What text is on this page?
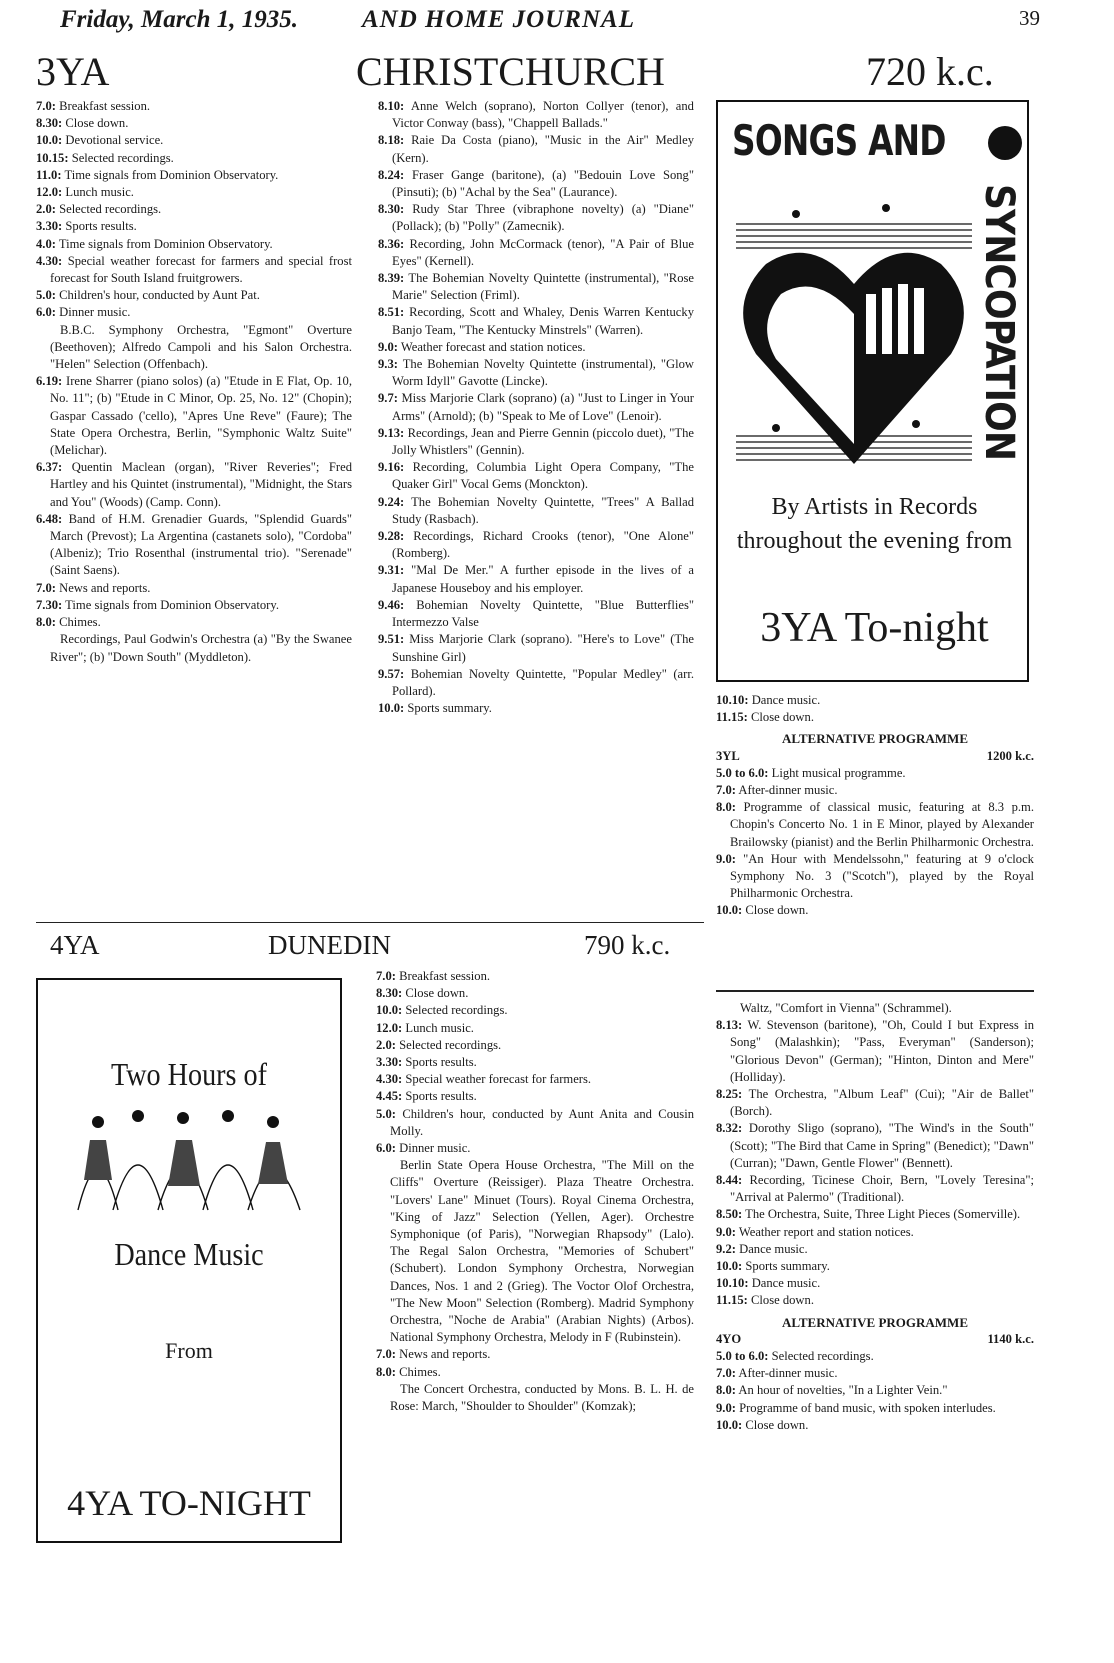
Friday, March 1, 1935.	AND HOME JOURNAL	39
3YA	CHRISTCHURCH	720 k.c.

7.0: Breakfast session.

8.30: Close down.

10.0: Devotional service.

10.15: Selected recordings.

11.0: Time signals from Dominion Observatory.

12.0: Lunch music.

2.0: Selected recordings.

3.30: Sports results.

4.0: Time signals from Dominion Observatory.

4.30: Special weather forecast for farmers and special frost forecast for South Island fruitgrowers.

5.0: Children's hour, conducted by Aunt Pat.

6.0: Dinner music.

B.B.C. Symphony Orchestra, "Egmont" Overture (Beethoven); Alfredo Campoli and his Salon Orchestra. "Helen" Selection (Offenbach).

6.19: Irene Sharrer (piano solos) (a) "Etude in E Flat, Op. 10, No. 11"; (b) "Etude in C Minor, Op. 25, No. 12" (Chopin); Gaspar Cassado ('cello), "Apres Une Reve" (Faure); The State Opera Orchestra, Berlin, "Symphonic Waltz Suite" (Melichar).

6.37: Quentin Maclean (organ), "River Reveries"; Fred Hartley and his Quintet (instrumental), "Midnight, the Stars and You" (Woods) (Camp. Conn).

6.48: Band of H.M. Grenadier Guards, "Splendid Guards" March (Prevost); La Argentina (castanets solo), "Cordoba" (Albeniz); Trio Rosenthal (instrumental trio). "Serenade" (Saint Saens).

7.0: News and reports.

7.30: Time signals from Dominion Observatory.

8.0: Chimes.

Recordings, Paul Godwin's Orchestra (a) "By the Swanee River"; (b) "Down South" (Myddleton).

8.10: Anne Welch (soprano), Norton Collyer (tenor), and Victor Conway (bass), "Chappell Ballads."

8.18: Raie Da Costa (piano), "Music in the Air" Medley (Kern).

8.24: Fraser Gange (baritone), (a) "Bedouin Love Song" (Pinsuti); (b) "Achal by the Sea" (Laurance).

8.30: Rudy Star Three (vibraphone novelty) (a) "Diane" (Pollack); (b) "Polly" (Zamecnik).

8.36: Recording, John McCormack (tenor), "A Pair of Blue Eyes" (Kernell).

8.39: The Bohemian Novelty Quintette (instrumental), "Rose Marie" Selection (Friml).

8.51: Recording, Scott and Whaley, Denis Warren Kentucky Banjo Team, "The Kentucky Minstrels" (Warren).

9.0: Weather forecast and station notices.

9.3: The Bohemian Novelty Quintette (instrumental), "Glow Worm Idyll" Gavotte (Lincke).

9.7: Miss Marjorie Clark (soprano) (a) "Just to Linger in Your Arms" (Arnold); (b) "Speak to Me of Love" (Lenoir).

9.13: Recordings, Jean and Pierre Gennin (piccolo duet), "The Jolly Whistlers" (Gennin).

9.16: Recording, Columbia Light Opera Company, "The Quaker Girl" Vocal Gems (Monckton).

9.24: The Bohemian Novelty Quintette, "Trees" A Ballad Study (Rasbach).

9.28: Recordings, Richard Crooks (tenor), "One Alone" (Romberg).

9.31: "Mal De Mer." A further episode in the lives of a Japanese Houseboy and his employer.

9.46: Bohemian Novelty Quintette, "Blue Butterflies" Intermezzo Valse

9.51: Miss Marjorie Clark (soprano). "Here's to Love" (The Sunshine Girl)

9.57: Bohemian Novelty Quintette, "Popular Medley" (arr. Pollard).

10.0: Sports summary.

SONGS AND
SYNCOPATION
By Artists in Records throughout the evening from
3YA To-night

10.10: Dance music.

11.15: Close down.

ALTERNATIVE PROGRAMME
3YL	1200 k.c.

5.0 to 6.0: Light musical programme.

7.0: After-dinner music.

8.0: Programme of classical music, featuring at 8.3 p.m. Chopin's Concerto No. 1 in E Minor, played by Alexander Brailowsky (pianist) and the Berlin Philharmonic Orchestra.

9.0: "An Hour with Mendelssohn," featuring at 9 o'clock Symphony No. 3 ("Scotch"), played by the Royal Philharmonic Orchestra.

10.0: Close down.

4YA	DUNEDIN	790 k.c.
Two Hours of
Dance Music
From
4YA TO-NIGHT

7.0: Breakfast session.

8.30: Close down.

10.0: Selected recordings.

12.0: Lunch music.

2.0: Selected recordings.

3.30: Sports results.

4.30: Special weather forecast for farmers.

4.45: Sports results.

5.0: Children's hour, conducted by Aunt Anita and Cousin Molly.

6.0: Dinner music.

Berlin State Opera House Orchestra, "The Mill on the Cliffs" Overture (Reissiger). Plaza Theatre Orchestra. "Lovers' Lane" Minuet (Tours). Royal Cinema Orchestra, "King of Jazz" Selection (Yellen, Ager). Orchestre Symphonique (of Paris), "Norwegian Rhapsody" (Lalo). The Regal Salon Orchestra, "Memories of Schubert" (Schubert). London Symphony Orchestra, Norwegian Dances, Nos. 1 and 2 (Grieg). The Voctor Olof Orchestra, "The New Moon" Selection (Romberg). Madrid Symphony Orchestra, "Noche de Arabia" (Arabian Nights) (Arbos). National Symphony Orchestra, Melody in F (Rubinstein).

7.0: News and reports.

8.0: Chimes.

The Concert Orchestra, conducted by Mons. B. L. H. de Rose: March, "Shoulder to Shoulder" (Komzak);

Waltz, "Comfort in Vienna" (Schrammel).

8.13: W. Stevenson (baritone), "Oh, Could I but Express in Song" (Malashkin); "Pass, Everyman" (Sanderson); "Glorious Devon" (German); "Hinton, Dinton and Mere" (Holliday).

8.25: The Orchestra, "Album Leaf" (Cui); "Air de Ballet" (Borch).

8.32: Dorothy Sligo (soprano), "The Wind's in the South" (Scott); "The Bird that Came in Spring" (Benedict); "Dawn" (Curran); "Dawn, Gentle Flower" (Bennett).

8.44: Recording, Ticinese Choir, Bern, "Lovely Teresina"; "Arrival at Palermo" (Traditional).

8.50: The Orchestra, Suite, Three Light Pieces (Somerville).

9.0: Weather report and station notices.

9.2: Dance music.

10.0: Sports summary.

10.10: Dance music.

11.15: Close down.

ALTERNATIVE PROGRAMME
4YO	1140 k.c.

5.0 to 6.0: Selected recordings.

7.0: After-dinner music.

8.0: An hour of novelties, "In a Lighter Vein."

9.0: Programme of band music, with spoken interludes.

10.0: Close down.
